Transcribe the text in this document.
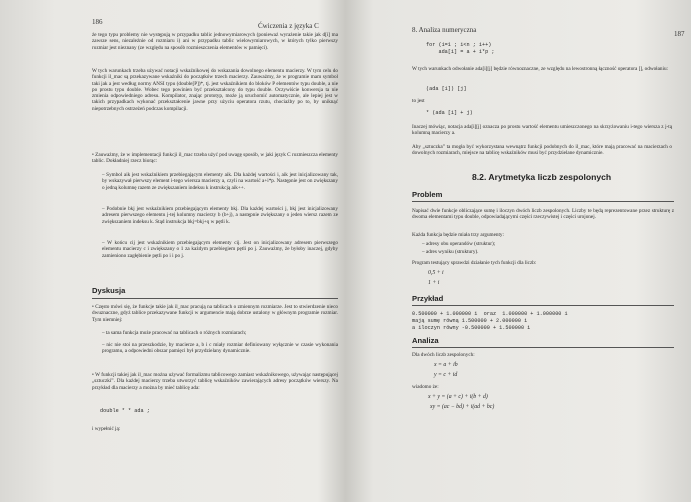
186	Ćwiczenia z języka C
że tego typu problemy nie występują w przypadku tablic jednowymiarowych (ponieważ wyrażenie takie jak d[i] ma zawsze sens, niezależnie od rozmiaru i) ani w przypadku tablic wielowymiarowych, w których tylko pierwszy rozmiar jest nieznany (ze względu na sposób rozmieszczenia elementów w pamięci).
W tych warunkach trzeba używać notacji wskaźnikowej do wskazania dowolnego elementu macierzy. W tym celu do funkcji il_mac są przekazywane wskaźniki do początków trzech macierzy. Zauważmy, że w programie mam symbol taki jak a jest według normy ANSI typu (double[P])*, tj. jest wskaźnikiem do bloków P elementów typu double, a nie po prostu typu double. Wobec tego powinien być przekształcony do typu double. Oczywiście konwersja ta nie zmienia odpowiedniego adresu. Kompilator, znając prototyp, może ją uruchomić automatycznie, ale lepiej jest w takich przypadkach wykonać przekształcenie jawne przy użyciu operatora rzutu, chociażby po to, by uniknąć niepotrzebnych ostrzeżeń podczas kompilacji.
• Zauważmy, że w implementacji funkcji il_mac trzeba użyć pod uwagę sposób, w jaki język C rozmieszcza elementy tablic. Dokładniej rzecz biorąc:
– Symbol aik jest wskaźnikiem przebiegającym elementy aik. Dla każdej wartości i, aik jest inicjalizowany tak, by wskazywał pierwszy element i-tego wiersza macierzy a, czyli na wartość a+i*p. Następnie jest on zwiększany o jedną kolumnę razem ze zwiększaniem indeksu k instrukcją aik++.
– Podobnie bkj jest wskaźnikiem przebiegającym elementy bkj. Dla każdej wartości j, bkj jest inicjalizowany adresem pierwszego elementu j-tej kolumny macierzy b (b+j), a następnie zwiększany o jeden wiersz razem ze zwiększaniem indeksu k. Stąd instrukcja bkj=bkj+q w pętli k.
– W końcu cij jest wskaźnikiem przebiegającym elementy cij. Jest on inicjalizowany adresem pierwszego elementu macierzy c i zwiększany o 1 za każdym przebiegiem pętli po j. Zauważmy, że byłoby inaczej, gdyby zamieniono zagłębienie pętli po i i po j.
Dyskusja
• Często mówi się, że funkcje takie jak il_mac pracują na tablicach o zmiennym rozmiarze. Jest to stwierdzenie nieco dwuznaczne, gdyż tablice przekazywane funkcji w argumencie mają dobrze ustalony w głównym programie rozmiar. Tym niemniej:
– ta sama funkcja może pracować na tablicach o różnych rozmiarach;
– nic nie stoi na przeszkodzie, by macierze a, b i c miały rozmiar definiowany wyłącznie w czasie wykonania programu, a odpowiedni obszar pamięci był przydzielany dynamicznie.
• W funkcji takiej jak il_mac można używać formalizmu tablicowego zamiast wskaźnikowego, używając następującej „sztuczki”. Dla każdej macierzy trzeba utworzyć tablicę wskaźników zawierających adresy początków wierszy. Na przykład dla macierzy a można by mieć tablicę ada:
double * * ada ;
i wypełnić ją:
8. Analiza numeryczna	187
for (i=1 ; i<n ; i++)
ada[i] = a + i*p ;
W tych warunkach odwołanie ada[i][j] będzie równoznaczne, ze względu na lewostronną łączność operatora [], odwołaniu:
(ada [i]) [j]
to jest
* (ada [i] + j)
Inaczej mówiąc, notacja ada[i][j] oznacza po prostu wartość elementu umieszczonego na skrzyżowaniu i-tego wiersza z j-tą kolumną macierzy a.
Aby „sztuczka” ta mogła być wykorzystana wewnątrz funkcji podobnych do il_mac, które mają pracować na macierzach o dowolnych rozmiarach, miejsce na tablicę wskaźników musi być przydzielane dynamicznie.
8.2. Arytmetyka liczb zespolonych
Problem
Napisać dwie funkcje obliczające sumę i iloczyn dwóch liczb zespolonych. Liczby te będą reprezentowane przez strukturę z dwoma elementami typu double, odpowiadającymi części rzeczywistej i części urojonej.
Każda funkcja będzie miała trzy argumenty:
– adresy obu operandów (struktur);
– adres wyniku (struktury).
Program testujący sprawdzi działanie tych funkcji dla liczb:
0,5 + i
1 + i
Przykład
0.500000 + 1.000000 i  oraz  1.000000 + 1.000000 i
mają sumę równą 1.500000 + 2.000000 i
a iloczyn równy -0.500000 + 1.500000 i
Analiza
Dla dwóch liczb zespolonych:
x = a + ib
y = c + id
wiadomo że:
x + y = (a + c) + i(b + d)
xy = (ac − bd) + i(ad + bc)
